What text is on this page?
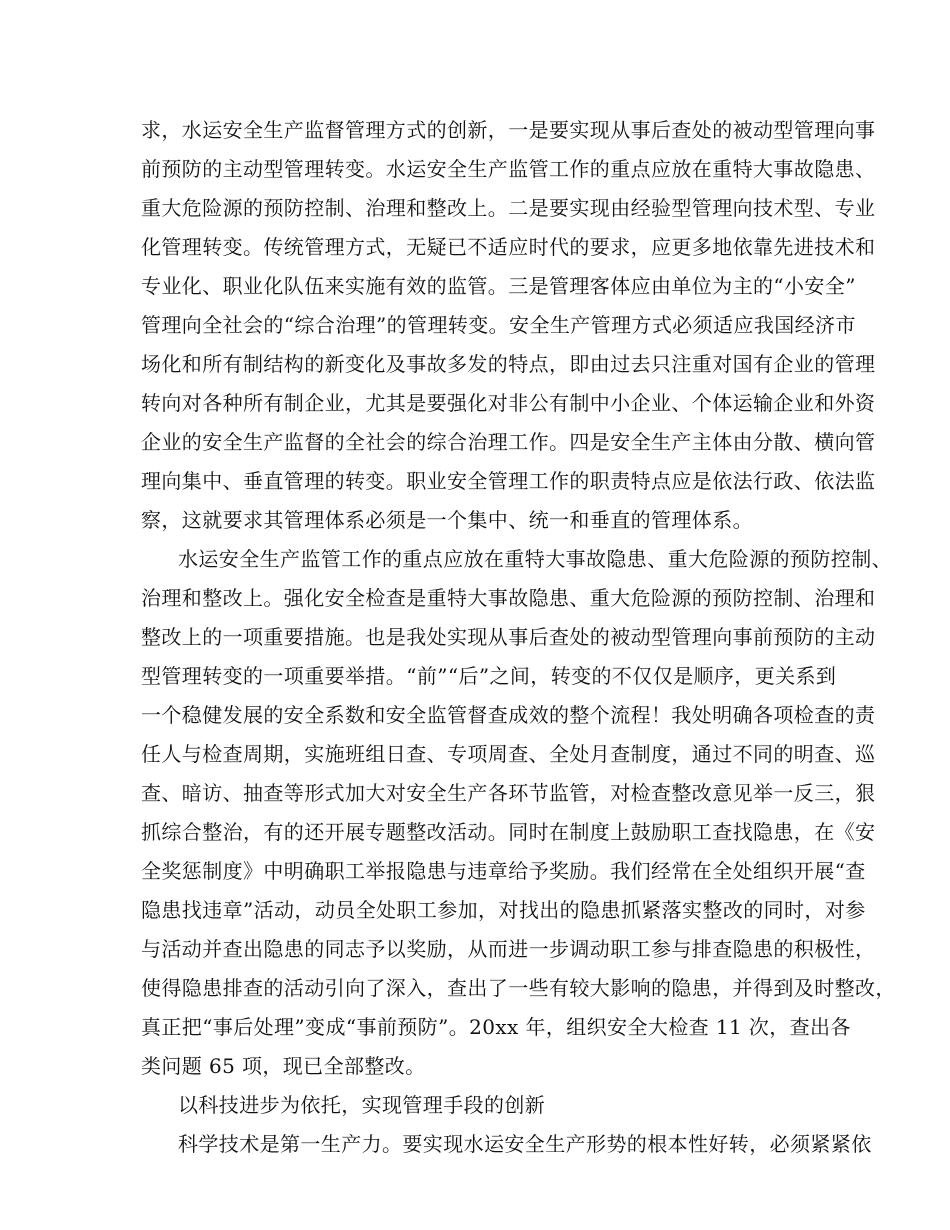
求，水运安全生产监督管理方式的创新，一是要实现从事后查处的被动型管理向事
前预防的主动型管理转变。水运安全生产监管工作的重点应放在重特大事故隐患、
重大危险源的预防控制、治理和整改上。二是要实现由经验型管理向技术型、专业
化管理转变。传统管理方式，无疑已不适应时代的要求，应更多地依靠先进技术和
专业化、职业化队伍来实施有效的监管。三是管理客体应由单位为主的“小安全”
管理向全社会的“综合治理”的管理转变。安全生产管理方式必须适应我国经济市
场化和所有制结构的新变化及事故多发的特点，即由过去只注重对国有企业的管理
转向对各种所有制企业，尤其是要强化对非公有制中小企业、个体运输企业和外资
企业的安全生产监督的全社会的综合治理工作。四是安全生产主体由分散、横向管
理向集中、垂直管理的转变。职业安全管理工作的职责特点应是依法行政、依法监
察，这就要求其管理体系必须是一个集中、统一和垂直的管理体系。
水运安全生产监管工作的重点应放在重特大事故隐患、重大危险源的预防控制、
治理和整改上。强化安全检查是重特大事故隐患、重大危险源的预防控制、治理和
整改上的一项重要措施。也是我处实现从事后查处的被动型管理向事前预防的主动
型管理转变的一项重要举措。“前”“后”之间，转变的不仅仅是顺序，更关系到
一个稳健发展的安全系数和安全监管督查成效的整个流程！我处明确各项检查的责
任人与检查周期，实施班组日查、专项周查、全处月查制度，通过不同的明查、巡
查、暗访、抽查等形式加大对安全生产各环节监管，对检查整改意见举一反三，狠
抓综合整治，有的还开展专题整改活动。同时在制度上鼓励职工查找隐患，在《安
全奖惩制度》中明确职工举报隐患与违章给予奖励。我们经常在全处组织开展“查
隐患找违章”活动，动员全处职工参加，对找出的隐患抓紧落实整改的同时，对参
与活动并查出隐患的同志予以奖励，从而进一步调动职工参与排查隐患的积极性，
使得隐患排查的活动引向了深入，查出了一些有较大影响的隐患，并得到及时整改，
真正把“事后处理”变成“事前预防”。20xx 年，组织安全大检查 11 次，查出各
类问题 65 项，现已全部整改。
以科技进步为依托，实现管理手段的创新
科学技术是第一生产力。要实现水运安全生产形势的根本性好转，必须紧紧依
